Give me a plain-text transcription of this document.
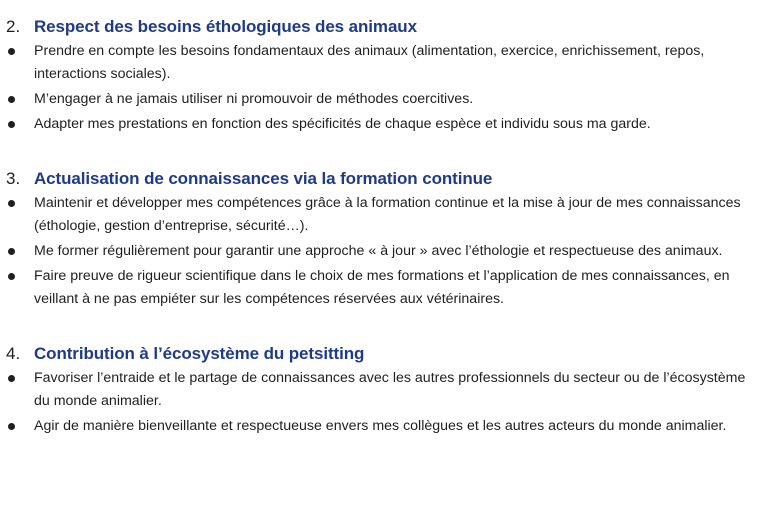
2. Respect des besoins éthologiques des animaux
Prendre en compte les besoins fondamentaux des animaux (alimentation, exercice, enrichissement, repos, interactions sociales).
M’engager à ne jamais utiliser ni promouvoir de méthodes coercitives.
Adapter mes prestations en fonction des spécificités de chaque espèce et individu sous ma garde.
3. Actualisation de connaissances via la formation continue
Maintenir et développer mes compétences grâce à la formation continue et la mise à jour de mes connaissances (éthologie, gestion d’entreprise, sécurité…).
Me former régulièrement pour garantir une approche « à jour » avec l’éthologie et respectueuse des animaux.
Faire preuve de rigueur scientifique dans le choix de mes formations et l’application de mes connaissances, en veillant à ne pas empiéter sur les compétences réservées aux vétérinaires.
4. Contribution à l’écosystème du petsitting
Favoriser l’entraide et le partage de connaissances avec les autres professionnels du secteur ou de l’écosystème du monde animalier.
Agir de manière bienveillante et respectueuse envers mes collègues et les autres acteurs du monde animalier.
